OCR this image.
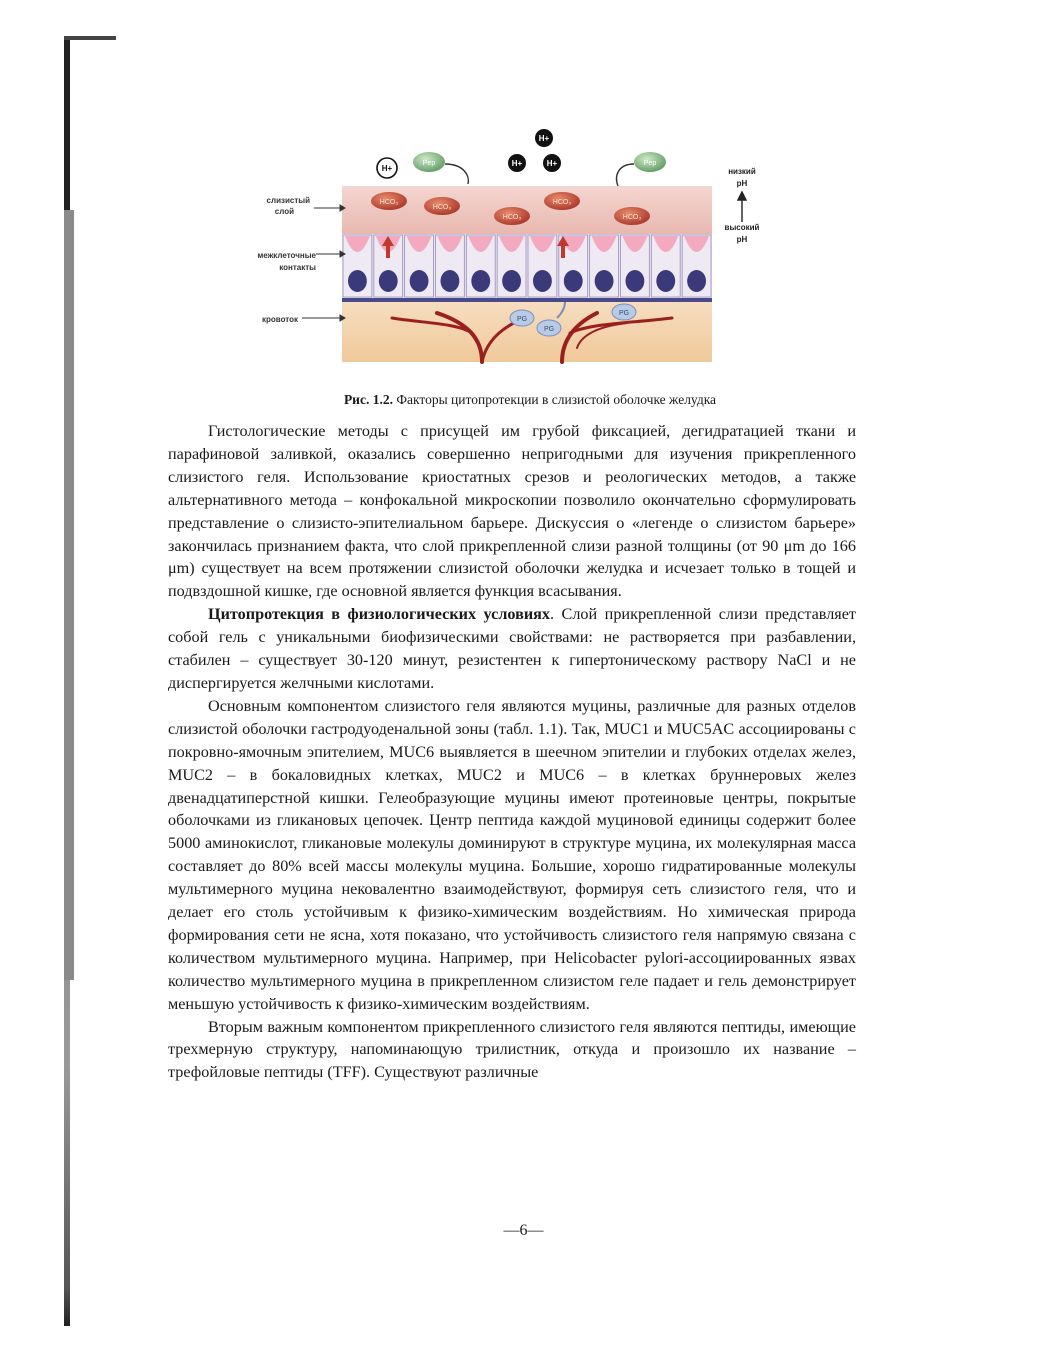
HCO₃
HCO₃
HCO₃
HCO₃
HCO₃
Pep	Pep
H+
H+
H+
H+
PG
PG
PG
слизистый
слой
межклеточные
контакты
кровоток
низкий
pH
высокий
pH
Рис. 1.2. Факторы цитопротекции в слизистой оболочке желудка

Гистологические методы с присущей им грубой фиксацией, дегидратацией ткани и парафиновой заливкой, оказались совершенно непригодными для изучения прикрепленного слизистого геля. Использование криостатных срезов и реологических методов, а также альтернативного метода – конфокальной микроскопии позволило окончательно сформулировать представление о слизисто-эпителиальном барьере. Дискуссия о «легенде о слизистом барьере» закончилась признанием факта, что слой прикрепленной слизи разной толщины (от 90 μm до 166 μm) существует на всем протяжении слизистой оболочки желудка и исчезает только в тощей и подвздошной кишке, где основной является функция всасывания.

Цитопротекция в физиологических условиях. Слой прикрепленной слизи представляет собой гель с уникальными биофизическими свойствами: не растворяется при разбавлении, стабилен – существует 30-120 минут, резистентен к гипертоническому раствору NaCl и не диспергируется желчными кислотами.

Основным компонентом слизистого геля являются муцины, различные для разных отделов слизистой оболочки гастродуоденальной зоны (табл. 1.1). Так, MUC1 и MUC5AC ассоциированы с покровно-ямочным эпителием, MUC6 выявляется в шеечном эпителии и глубоких отделах желез, MUC2 – в бокаловидных клетках, MUC2 и MUC6 – в клетках бруннеровых желез двенадцатиперстной кишки. Гелеобразующие муцины имеют протеиновые центры, покрытые оболочками из гликановых цепочек. Центр пептида каждой муциновой единицы содержит более 5000 аминокислот, гликановые молекулы доминируют в структуре муцина, их молекулярная масса составляет до 80% всей массы молекулы муцина. Большие, хорошо гидратированные молекулы мультимерного муцина нековалентно взаимодействуют, формируя сеть слизистого геля, что и делает его столь устойчивым к физико-химическим воздействиям. Но химическая природа формирования сети не ясна, хотя показано, что устойчивость слизистого геля напрямую связана с количеством мультимерного муцина. Например, при Helicobacter pylori-ассоциированных язвах количество мультимерного муцина в прикрепленном слизистом геле падает и гель демонстрирует меньшую устойчивость к физико-химическим воздействиям.

Вторым важным компонентом прикрепленного слизистого геля являются пептиды, имеющие трехмерную структуру, напоминающую трилистник, откуда и произошло их название – трефойловые пептиды (TFF). Существуют различные

—6—
